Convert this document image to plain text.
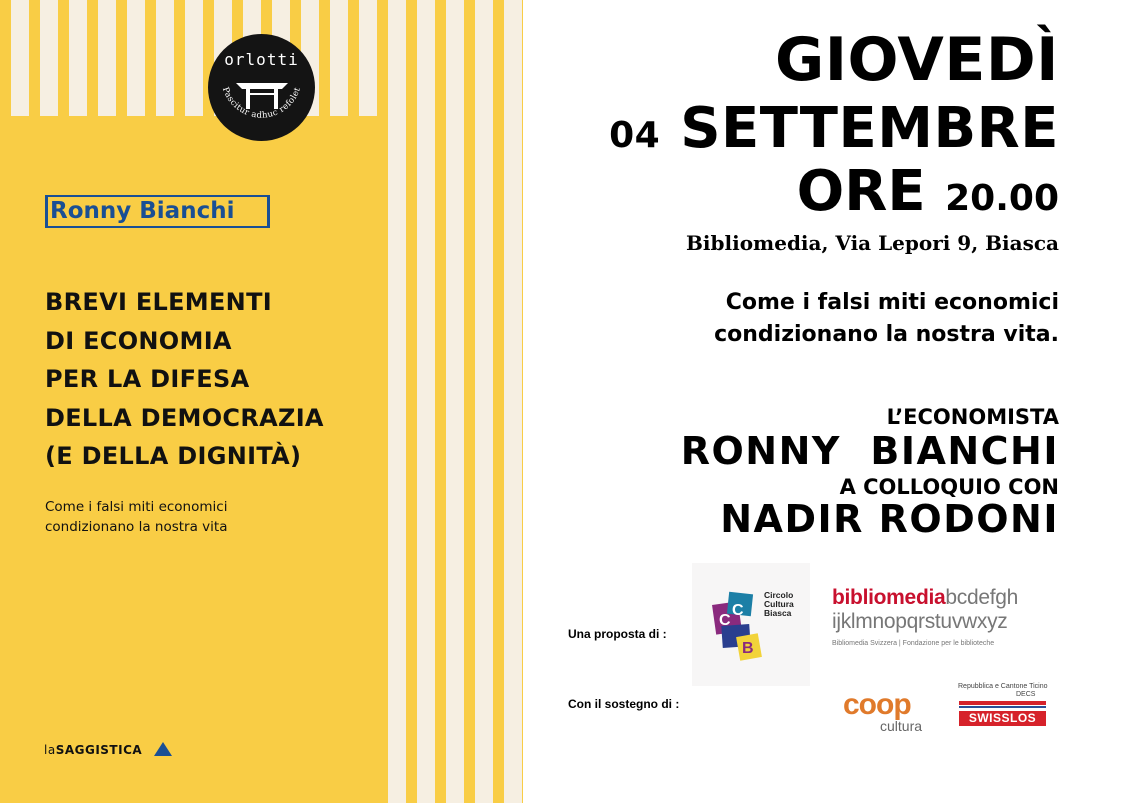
orlotti
Pascitur adhuc refolet
Ronny Bianchi
BREVI ELEMENTI
DI ECONOMIA
PER LA DIFESA
DELLA DEMOCRAZIA
(E DELLA DIGNITÀ)
Come i falsi miti economici
condizionano la nostra vita
laSAGGISTICA
GIOVEDÌ
04 SETTEMBRE
ORE 20.00
Bibliomedia, Via Lepori 9, Biasca
Come i falsi miti economici
condizionano la nostra vita.
L’ECONOMISTA
RONNY  BIANCHI
A COLLOQUIO CON
NADIR RODONI
Una proposta di :
Con il sostegno di :
C
C
B
Circolo
Cultura
Biasca
bibliomediabcdefgh
ijklmnopqrstuvwxyz
Bibliomedia Svizzera | Fondazione per le biblioteche
coop
cultura
Repubblica e Cantone Ticino
DECS
SWISSLOS
